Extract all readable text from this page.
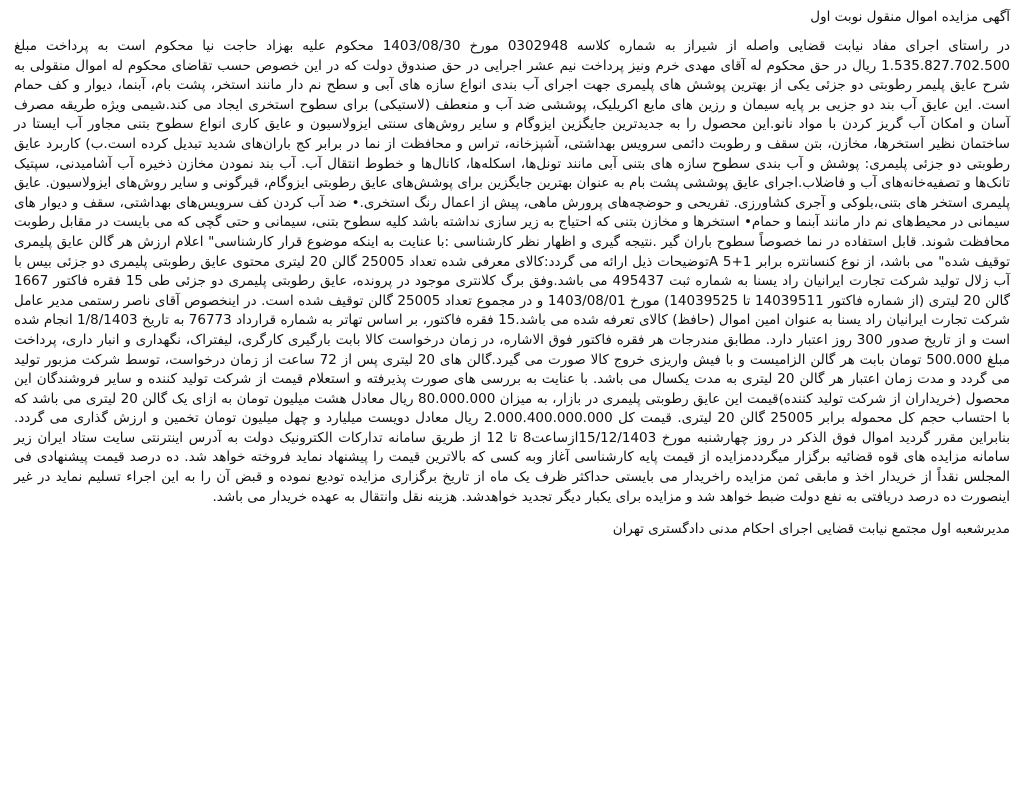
آگهی مزایده اموال منقول نوبت اول

در راستای اجرای مفاد نیابت قضایی واصله از شیراز به شماره کلاسه 0302948 مورخ 1403/08/30 محکوم علیه بهزاد حاجت نیا محکوم است به پرداخت مبلغ 1.535.827.702.500 ریال در حق محکوم له آقای مهدی خرم ونیز پرداخت نیم عشر اجرایی در حق صندوق دولت که در این خصوص حسب تقاضای محکوم له اموال منقولی به شرح عایق پلیمر رطوبتی دو جزئی یکی از بهترین پوشش های پلیمری جهت اجرای آب بندی انواع سازه های آبی و سطح نم دار مانند استخر، پشت بام، آبنما، دیوار و کف حمام است. این عایق آب بند دو جزیی بر پایه سیمان و رزین های مایع اکریلیک، پوششی ضد آب و منعطف (لاستیکی) برای سطوح استخری ایجاد می کند.شیمی ویژه طریقه مصرف آسان و امکان آب گریز کردن با مواد نانو.این محصول را به جدیدترین جایگزین ایزوگام و سایر روش‌های سنتی ایزولاسیون و عایق کاری انواع سطوح بتنی مجاور آب ایستا در ساختمان نظیر استخرها، مخازن، بتن سقف و رطوبت دائمی سرویس بهداشتی، آشپزخانه، تراس و محافظت از نما در برابر کج باران‌های شدید تبدیل کرده است.ب) کاربرد عایق رطوبتی دو جزئی پلیمری: پوشش و آب بندی سطوح سازه های بتنی آبی مانند تونل‌ها، اسکله‌ها، کانال‌ها و خطوط انتقال آب. آب بند نمودن مخازن ذخیره آب آشامیدنی، سپتیک تانک‌ها و تصفیه‌خانه‌های آب و فاضلاب.اجرای عایق پوششی پشت بام به عنوان بهترین جایگزین برای پوشش‌های عایق رطوبتی ایزوگام، قیرگونی و سایر روش‌های ایزولاسیون. عایق پلیمری استخر های بتنی،بلوکی و آجری کشاورزی. تفریحی و حوضچه‌های پرورش ماهی، پیش از اعمال رنگ استخری.• ضد آب کردن کف سرویس‌های بهداشتی، سقف و دیوار های سیمانی در محیط‌های نم دار مانند آبنما و حمام• استخرها و مخازن بتنی که احتیاج به زیر سازی نداشته باشد کلیه سطوح بتنی، سیمانی و حتی گچی که می بایست در مقابل رطوبت محافظت شوند. قابل استفاده در نما خصوصاً سطوح باران گیر .نتیجه گیری و اظهار نظر کارشناسی :با عنایت به اینکه موضوع قرار کارشناسی" اعلام ارزش هر گالن عایق پلیمری توقیف شده" می باشد، از نوع کنسانتره برابر A 5+1توضیحات ذیل ارائه می گردد:کالای معرفی شده تعداد 25005 گالن 20 لیتری محتوی عایق رطوبتی پلیمری دو جزئی بیس با آب زلال تولید شرکت تجارت ایرانیان راد یسنا به شماره ثبت 495437 می باشد.وفق برگ کلانتری موجود در پرونده، عایق رطوبتی پلیمری دو جزئی طی 15 فقره فاکتور 1667 گالن 20 لیتری (از شماره فاکتور 14039511 تا 14039525) مورخ 1403/08/01 و در مجموع تعداد 25005 گالن توقیف شده است. در اینخصوص آقای ناصر رستمی مدیر عامل شرکت تجارت ایرانیان راد یسنا به عنوان امین اموال (حافظ) کالای تعرفه شده می باشد.15 فقره فاکتور، بر اساس تهاتر به شماره قرارداد 76773 به تاریخ 1/8/1403 انجام شده است و از تاریخ صدور 300 روز اعتبار دارد. مطابق مندرجات هر فقره فاکتور فوق الاشاره، در زمان درخواست کالا بابت بارگیری کارگری، لیفتراک، نگهداری و انبار داری، پرداخت مبلغ 500.000 تومان بابت هر گالن الزامیست و با فیش واریزی خروج کالا صورت می گیرد.گالن های 20 لیتری پس از 72 ساعت از زمان درخواست، توسط شرکت مزبور تولید می گردد و مدت زمان اعتبار هر گالن 20 لیتری به مدت یکسال می باشد. با عنایت به بررسی های صورت پذیرفته و استعلام قیمت از شرکت تولید کننده و سایر فروشندگان این محصول (خریداران از شرکت تولید کننده)قیمت این عایق رطوبتی پلیمری در بازار، به میزان 80.000.000 ریال معادل هشت میلیون تومان به ازای یک گالن 20 لیتری می باشد که با احتساب حجم کل محموله برابر 25005 گالن 20 لیتری. قیمت کل 2.000.400.000.000 ریال معادل دویست میلیارد و چهل میلیون تومان تخمین و ارزش گذاری می گردد. بنابراین مقرر گردید اموال فوق الذکر در روز چهارشنبه مورخ 15/12/1403ازساعت8 تا 12 از طریق سامانه تدارکات الکترونیک دولت به آدرس اینترنتی سایت ستاد ایران زیر سامانه مزایده های قوه قضائیه برگزار میگرددمزایده از قیمت پایه کارشناسی آغاز وبه کسی که بالاترین قیمت را پیشنهاد نماید فروخته خواهد شد. ده درصد قیمت پیشنهادی فی المجلس نقداً از خریدار اخذ و مابقی ثمن مزایده راخریدار می بایستی حداکثر ظرف یک ماه از تاریخ برگزاری مزایده تودیع نموده و قبض آن را به این اجراء تسلیم نماید در غیر اینصورت ده درصد دریافتی به نفع دولت ضبط خواهد شد و مزایده برای یکبار دیگر تجدید خواهدشد. هزینه نقل وانتقال به عهده خریدار می باشد.

مدیرشعبه اول مجتمع نیابت قضایی اجرای احکام مدنی دادگستری تهران
